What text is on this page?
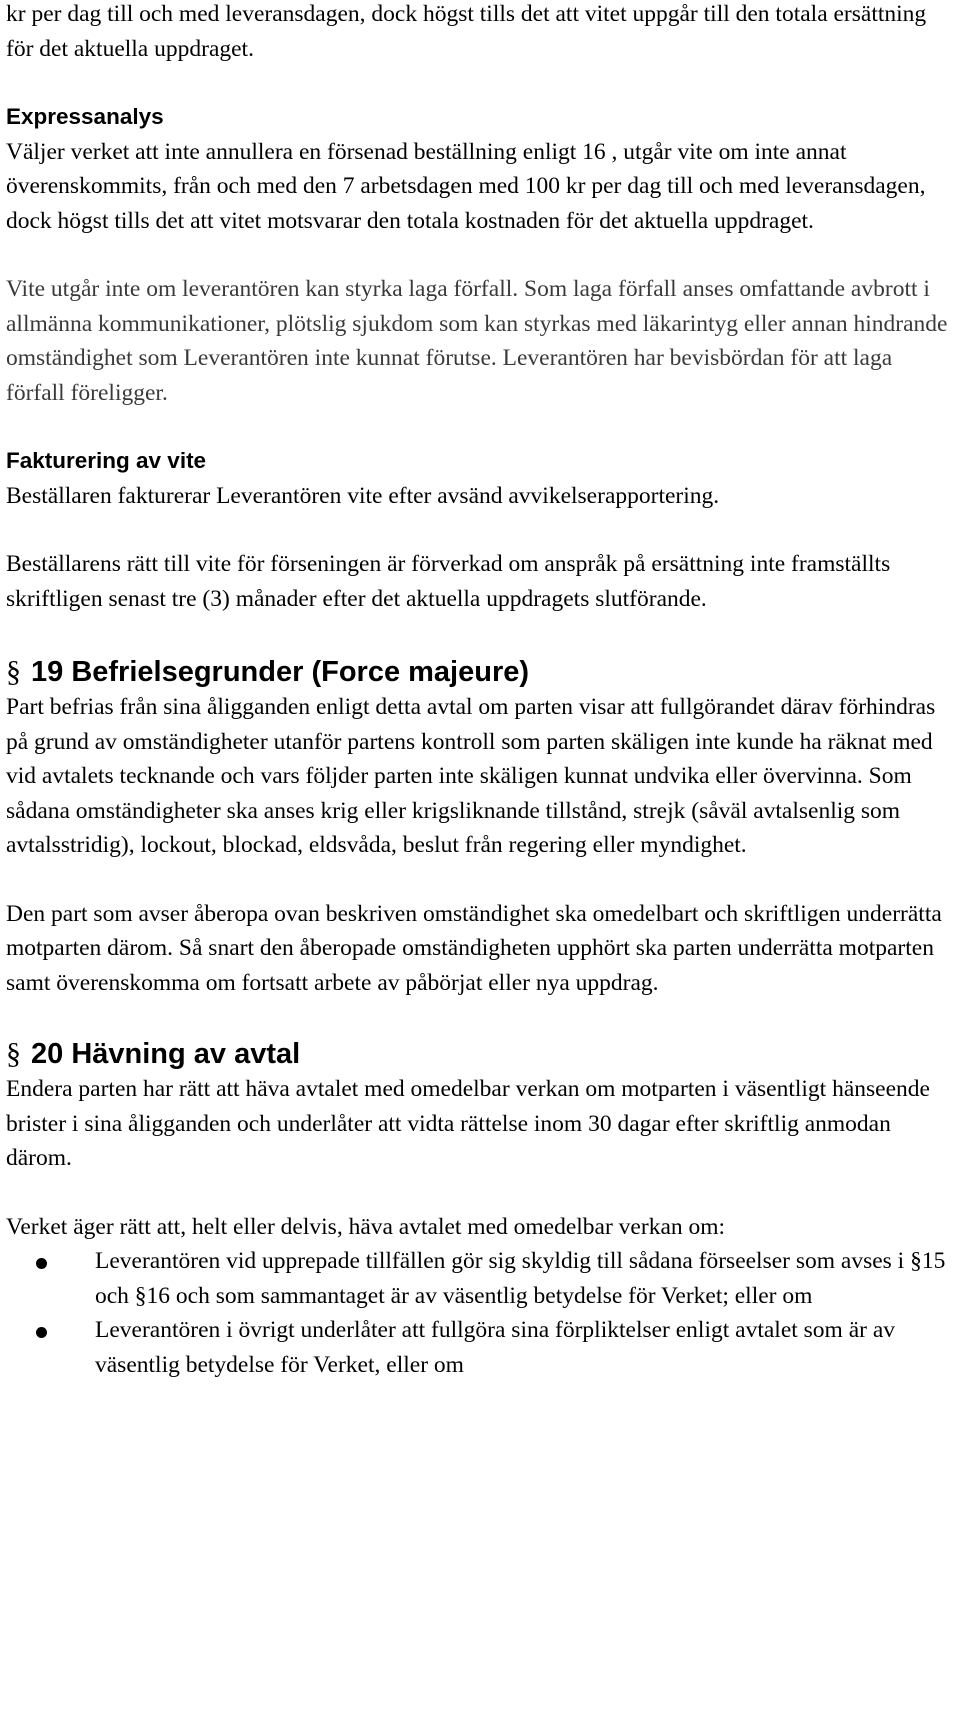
kr per dag till och med leveransdagen, dock högst tills det att vitet uppgår till den totala ersättning för det aktuella uppdraget.

Expressanalys

Väljer verket att inte annullera en försenad beställning enligt 16 , utgår vite om inte annat överenskommits, från och med den 7 arbetsdagen med 100 kr per dag till och med leveransdagen, dock högst tills det att vitet motsvarar den totala kostnaden för det aktuella uppdraget.

Vite utgår inte om leverantören kan styrka laga förfall. Som laga förfall anses omfattande avbrott i allmänna kommunikationer, plötslig sjukdom som kan styrkas med läkarintyg eller annan hindrande omständighet som Leverantören inte kunnat förutse. Leverantören har bevisbördan för att laga förfall föreligger.

Fakturering av vite

Beställaren fakturerar Leverantören vite efter avsänd avvikelserapportering.

Beställarens rätt till vite för förseningen är förverkad om anspråk på ersättning inte framställts skriftligen senast tre (3) månader efter det aktuella uppdragets slutförande.

§ 19 Befrielsegrunder (Force majeure)

Part befrias från sina åligganden enligt detta avtal om parten visar att fullgörandet därav förhindras på grund av omständigheter utanför partens kontroll som parten skäligen inte kunde ha räknat med vid avtalets tecknande och vars följder parten inte skäligen kunnat undvika eller övervinna. Som sådana omständigheter ska anses krig eller krigsliknande tillstånd, strejk (såväl avtalsenlig som avtalsstridig), lockout, blockad, eldsvåda, beslut från regering eller myndighet.

Den part som avser åberopa ovan beskriven omständighet ska omedelbart och skriftligen underrätta motparten därom. Så snart den åberopade omständigheten upphört ska parten underrätta motparten samt överenskomma om fortsatt arbete av påbörjat eller nya uppdrag.

§ 20 Hävning av avtal

Endera parten har rätt att häva avtalet med omedelbar verkan om motparten i väsentligt hänseende brister i sina åligganden och underlåter att vidta rättelse inom 30 dagar efter skriftlig anmodan därom.

Verket äger rätt att, helt eller delvis, häva avtalet med omedelbar verkan om:

Leverantören vid upprepade tillfällen gör sig skyldig till sådana förseelser som avses i §15 och §16 och som sammantaget är av väsentlig betydelse för Verket; eller om
Leverantören i övrigt underlåter att fullgöra sina förpliktelser enligt avtalet som är av väsentlig betydelse för Verket, eller om
